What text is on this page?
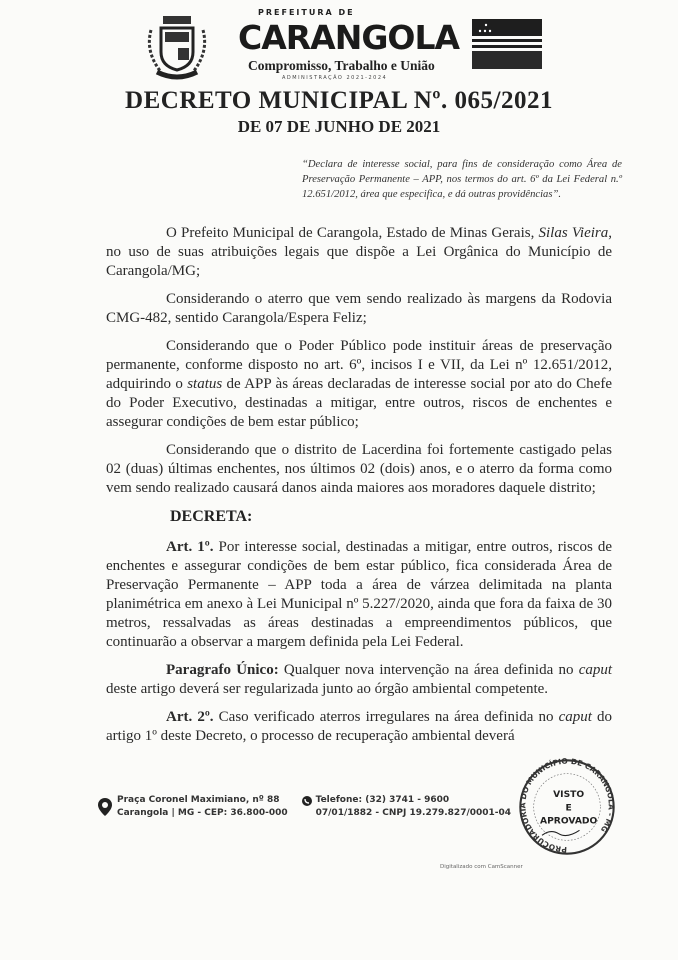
PREFEITURA DE
CARANGOLA
Compromisso, Trabalho e União
ADMINISTRAÇÃO 2021-2024
DECRETO MUNICIPAL Nº. 065/2021
DE 07 DE JUNHO DE 2021
“Declara de interesse social, para fins de consideração como Área de Preservação Permanente – APP, nos termos do art. 6º da Lei Federal n.º 12.651/2012, área que especifica, e dá outras providências”.
O Prefeito Municipal de Carangola, Estado de Minas Gerais, Silas Vieira, no uso de suas atribuições legais que dispõe a Lei Orgânica do Município de Carangola/MG;
Considerando o aterro que vem sendo realizado às margens da Rodovia CMG-482, sentido Carangola/Espera Feliz;
Considerando que o Poder Público pode instituir áreas de preservação permanente, conforme disposto no art. 6º, incisos I e VII, da Lei nº 12.651/2012, adquirindo o status de APP às áreas declaradas de interesse social por ato do Chefe do Poder Executivo, destinadas a mitigar, entre outros, riscos de enchentes e assegurar condições de bem estar público;
Considerando que o distrito de Lacerdina foi fortemente castigado pelas 02 (duas) últimas enchentes, nos últimos 02 (dois) anos, e o aterro da forma como vem sendo realizado causará danos ainda maiores aos moradores daquele distrito;
DECRETA:
Art. 1º. Por interesse social, destinadas a mitigar, entre outros, riscos de enchentes e assegurar condições de bem estar público, fica considerada Área de Preservação Permanente – APP toda a área de várzea delimitada na planta planimétrica em anexo à Lei Municipal nº 5.227/2020, ainda que fora da faixa de 30 metros, ressalvadas as áreas destinadas a empreendimentos públicos, que continuarão a observar a margem definida pela Lei Federal.
Paragrafo Único: Qualquer nova intervenção na área definida no caput deste artigo deverá ser regularizada junto ao órgão ambiental competente.
Art. 2º. Caso verificado aterros irregulares na área definida no caput do artigo 1º deste Decreto, o processo de recuperação ambiental deverá
Praça Coronel Maximiano, nº 88
Carangola | MG - CEP: 36.800-000
Telefone: (32) 3741 - 9600
07/01/1882 - CNPJ 19.279.827/0001-04
PROCURADORIA DO MUNICÍPIO DE CARANGOLA - MG
VISTO
E
APROVADO
Digitalizado com CamScanner
